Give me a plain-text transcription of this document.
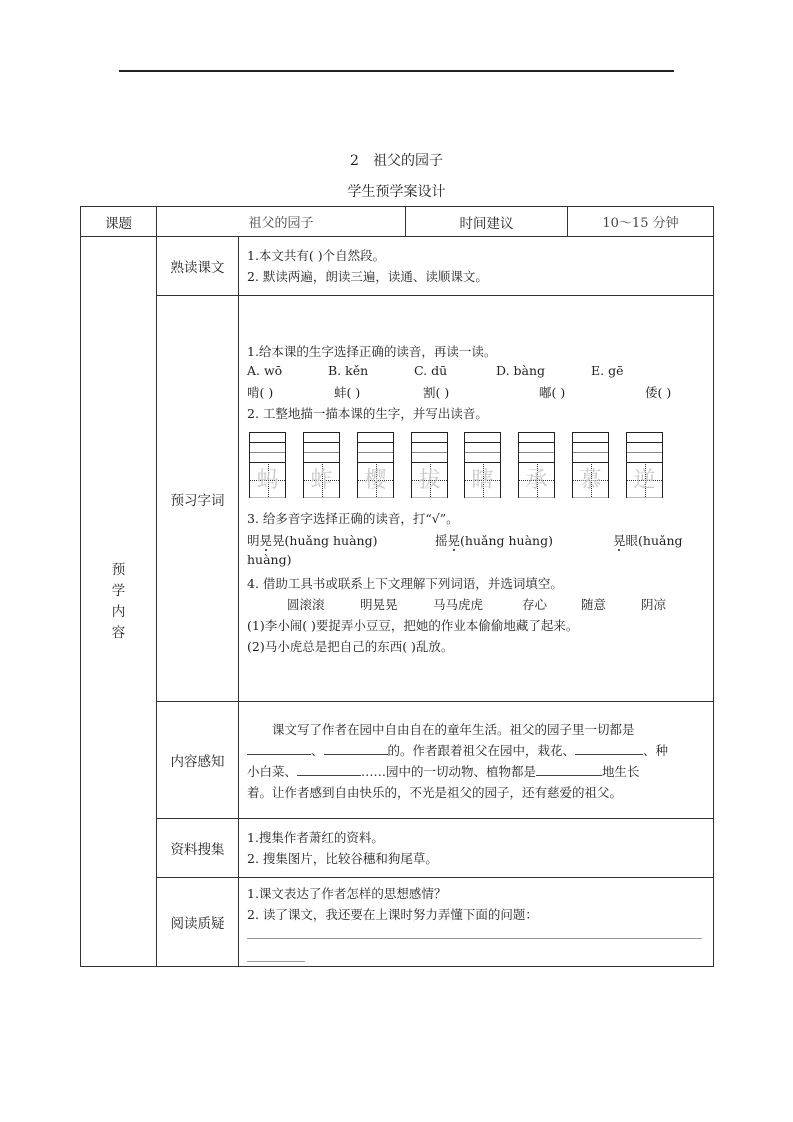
2 祖父的园子
学生预学案设计
课题	祖父的园子	时间建议	10～15 分钟
预
学
内
容
熟读课文
1.本文共有( )个自然段。
2. 默读两遍，朗读三遍，读通、读顺课文。
预习字词
1.给本课的生字选择正确的读音，再读一读。
A. wō	B. kěn	C. dū	D. bàng	E. gē
啃( )	蚌( )	割( )	嘟( )	倭( )
2. 工整地描一描本课的生字，并写出读音。
蚂 蚱 樱 拔 瞎 承 慕 逆
3. 给多音字选择正确的读音，打“√”。
明晃晃(huǎng huàng)	摇晃(huǎng huàng)	晃眼(huǎng
huàng)
4. 借助工具书或联系上下文理解下列词语，并选词填空。
圆滚滚	明晃晃	马马虎虎	存心	随意	阴凉
(1)李小闹( )要捉弄小豆豆，把她的作业本偷偷地藏了起来。
(2)马小虎总是把自己的东西( )乱放。
内容感知
课文写了作者在园中自由自在的童年生活。祖父的园子里一切都是
、	的。作者跟着祖父在园中，栽花、	、种
小白菜、	……园中的一切动物、植物都是	地生长
着。让作者感到自由快乐的，不光是祖父的园子，还有慈爱的祖父。
资料搜集
1.搜集作者萧红的资料。
2. 搜集图片，比较谷穗和狗尾草。
阅读质疑
1.课文表达了作者怎样的思想感情？
2. 读了课文，我还要在上课时努力弄懂下面的问题：
